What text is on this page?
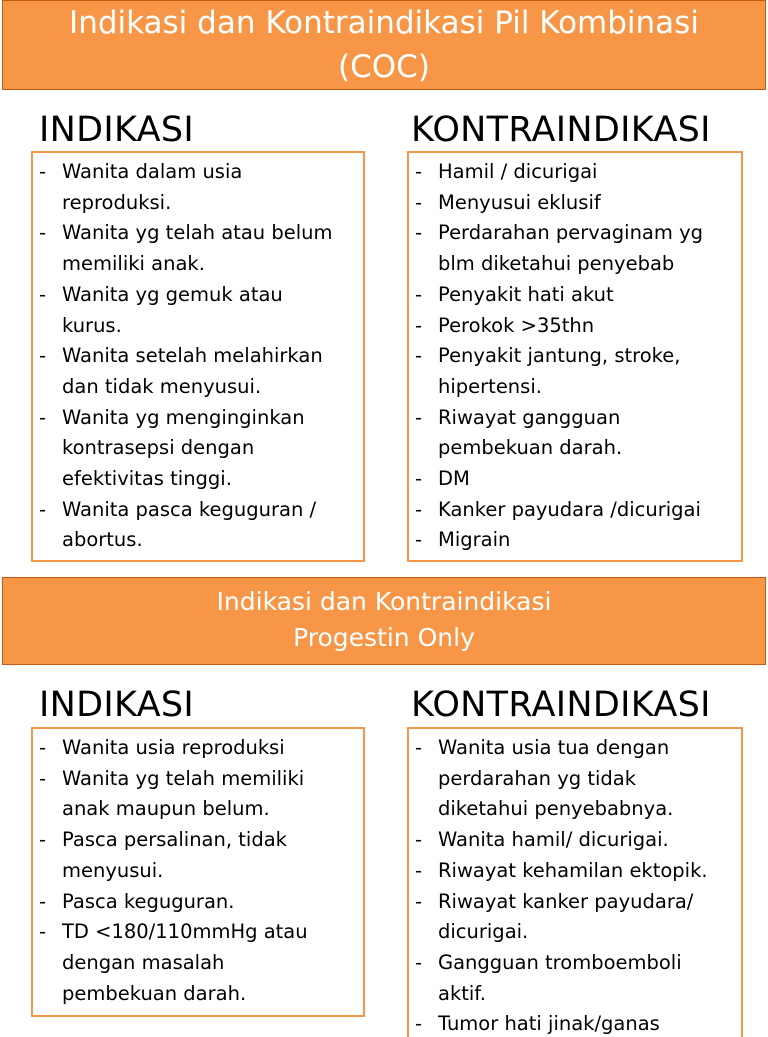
Indikasi dan Kontraindikasi Pil Kombinasi
(COC)
INDIKASI	KONTRAINDIKASI
- Wanita dalam usia
reproduksi.
- Wanita yg telah atau belum
memiliki anak.
- Wanita yg gemuk atau
kurus.
- Wanita setelah melahirkan
dan tidak menyusui.
- Wanita yg menginginkan
kontrasepsi dengan
efektivitas tinggi.
- Wanita pasca keguguran /
abortus.
- Hamil / dicurigai
- Menyusui eklusif
- Perdarahan pervaginam yg
blm diketahui penyebab
- Penyakit hati akut
- Perokok >35thn
- Penyakit jantung, stroke,
hipertensi.
- Riwayat gangguan
pembekuan darah.
- DM
- Kanker payudara /dicurigai
- Migrain
Indikasi dan Kontraindikasi
Progestin Only
INDIKASI	KONTRAINDIKASI
- Wanita usia reproduksi
- Wanita yg telah memiliki
anak maupun belum.
- Pasca persalinan, tidak
menyusui.
- Pasca keguguran.
- TD <180/110mmHg atau
dengan masalah
pembekuan darah.
- Wanita usia tua dengan
perdarahan yg tidak
diketahui penyebabnya.
- Wanita hamil/ dicurigai.
- Riwayat kehamilan ektopik.
- Riwayat kanker payudara/
dicurigai.
- Gangguan tromboemboli
aktif.
- Tumor hati jinak/ganas
